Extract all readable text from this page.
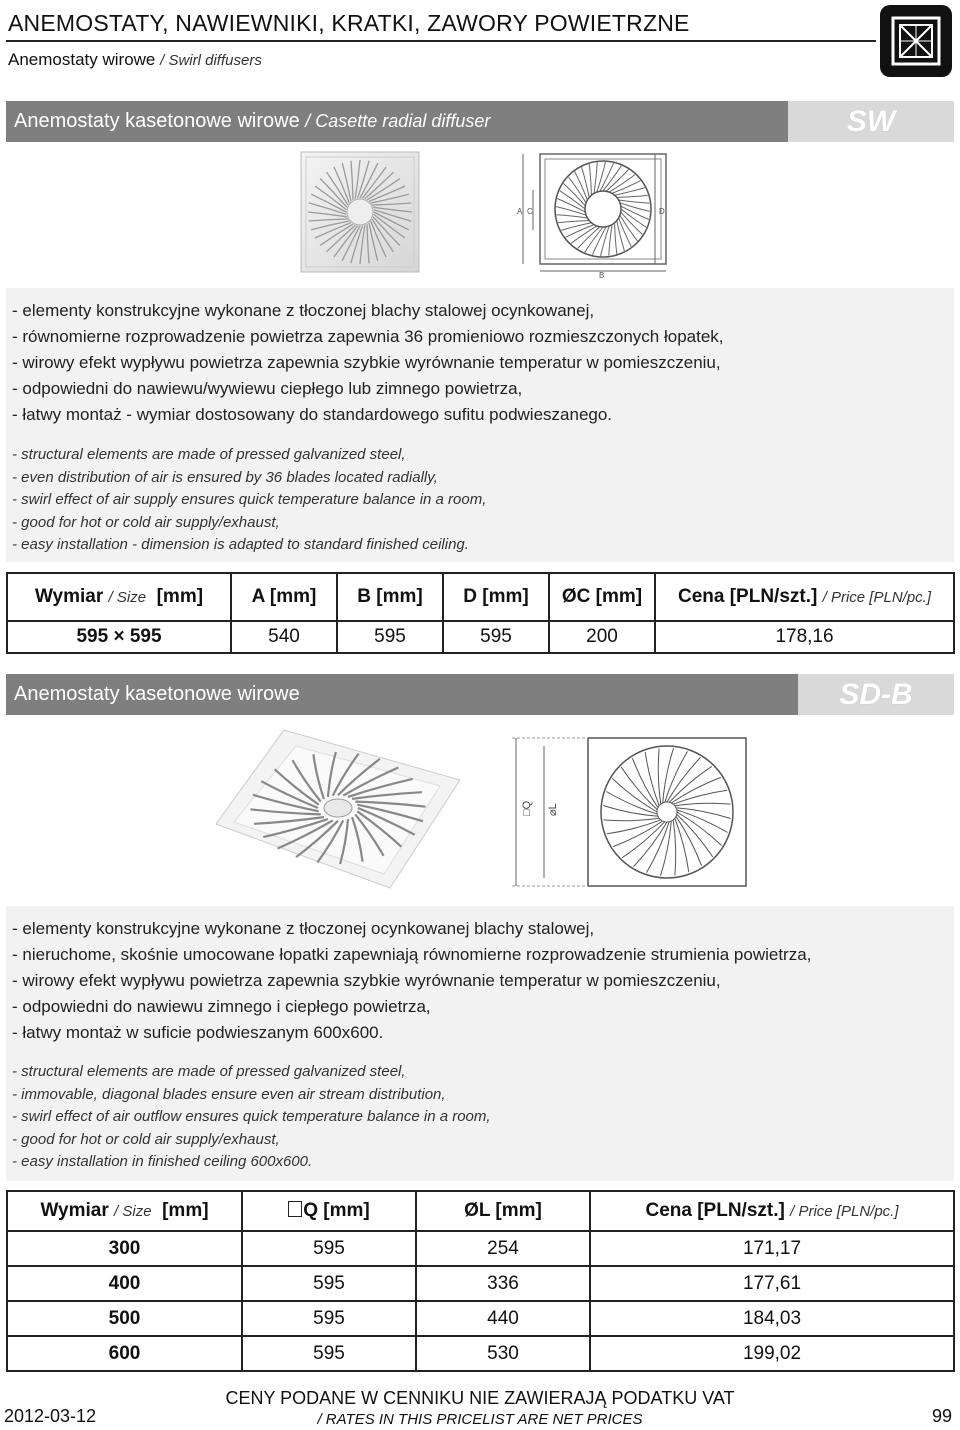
ANEMOSTATY, NAWIEWNIKI, KRATKI, ZAWORY POWIETRZNE
Anemostaty wirowe / Swirl diffusers
Anemostaty kasetonowe wirowe / Casette radial diffuser	SW
A C	D
B
- elementy konstrukcyjne wykonane z tłoczonej blachy stalowej ocynkowanej,
- równomierne rozprowadzenie powietrza zapewnia 36 promieniowo rozmieszczonych łopatek,
- wirowy efekt wypływu powietrza zapewnia szybkie wyrównanie temperatur w pomieszczeniu,
- odpowiedni do nawiewu/wywiewu ciepłego lub zimnego powietrza,
- łatwy montaż - wymiar dostosowany do standardowego sufitu podwieszanego.
- structural elements are made of pressed galvanized steel,
- even distribution of air is ensured by 36 blades located radially,
- swirl effect of air supply ensures quick temperature balance in a room,
- good for hot or cold air supply/exhaust,
- easy installation - dimension is adapted to standard finished ceiling.
Wymiar / Size [mm]	A [mm]	B [mm]	D [mm]	ØC [mm]	Cena [PLN/szt.] / Price [PLN/pc.]
595 × 595	540	595	595	200	178,16
Anemostaty kasetonowe wirowe	SD-B
□Q ⌀L
- elementy konstrukcyjne wykonane z tłoczonej ocynkowanej blachy stalowej,
- nieruchome, skośnie umocowane łopatki zapewniają równomierne rozprowadzenie strumienia powietrza,
- wirowy efekt wypływu powietrza zapewnia szybkie wyrównanie temperatur w pomieszczeniu,
- odpowiedni do nawiewu zimnego i ciepłego powietrza,
- łatwy montaż w suficie podwieszanym 600x600.
- structural elements are made of pressed galvanized steel,
- immovable, diagonal blades ensure even air stream distribution,
- swirl effect of air outflow ensures quick temperature balance in a room,
- good for hot or cold air supply/exhaust,
- easy installation in finished ceiling 600x600.
Wymiar / Size [mm]	Q [mm]	ØL [mm]	Cena [PLN/szt.] / Price [PLN/pc.]
300	595	254	171,17
400	595	336	177,61
500	595	440	184,03
600	595	530	199,02
CENY PODANE W CENNIKU NIE ZAWIERAJĄ PODATKU VAT
/ RATES IN THIS PRICELIST ARE NET PRICES
2012-03-12	99
